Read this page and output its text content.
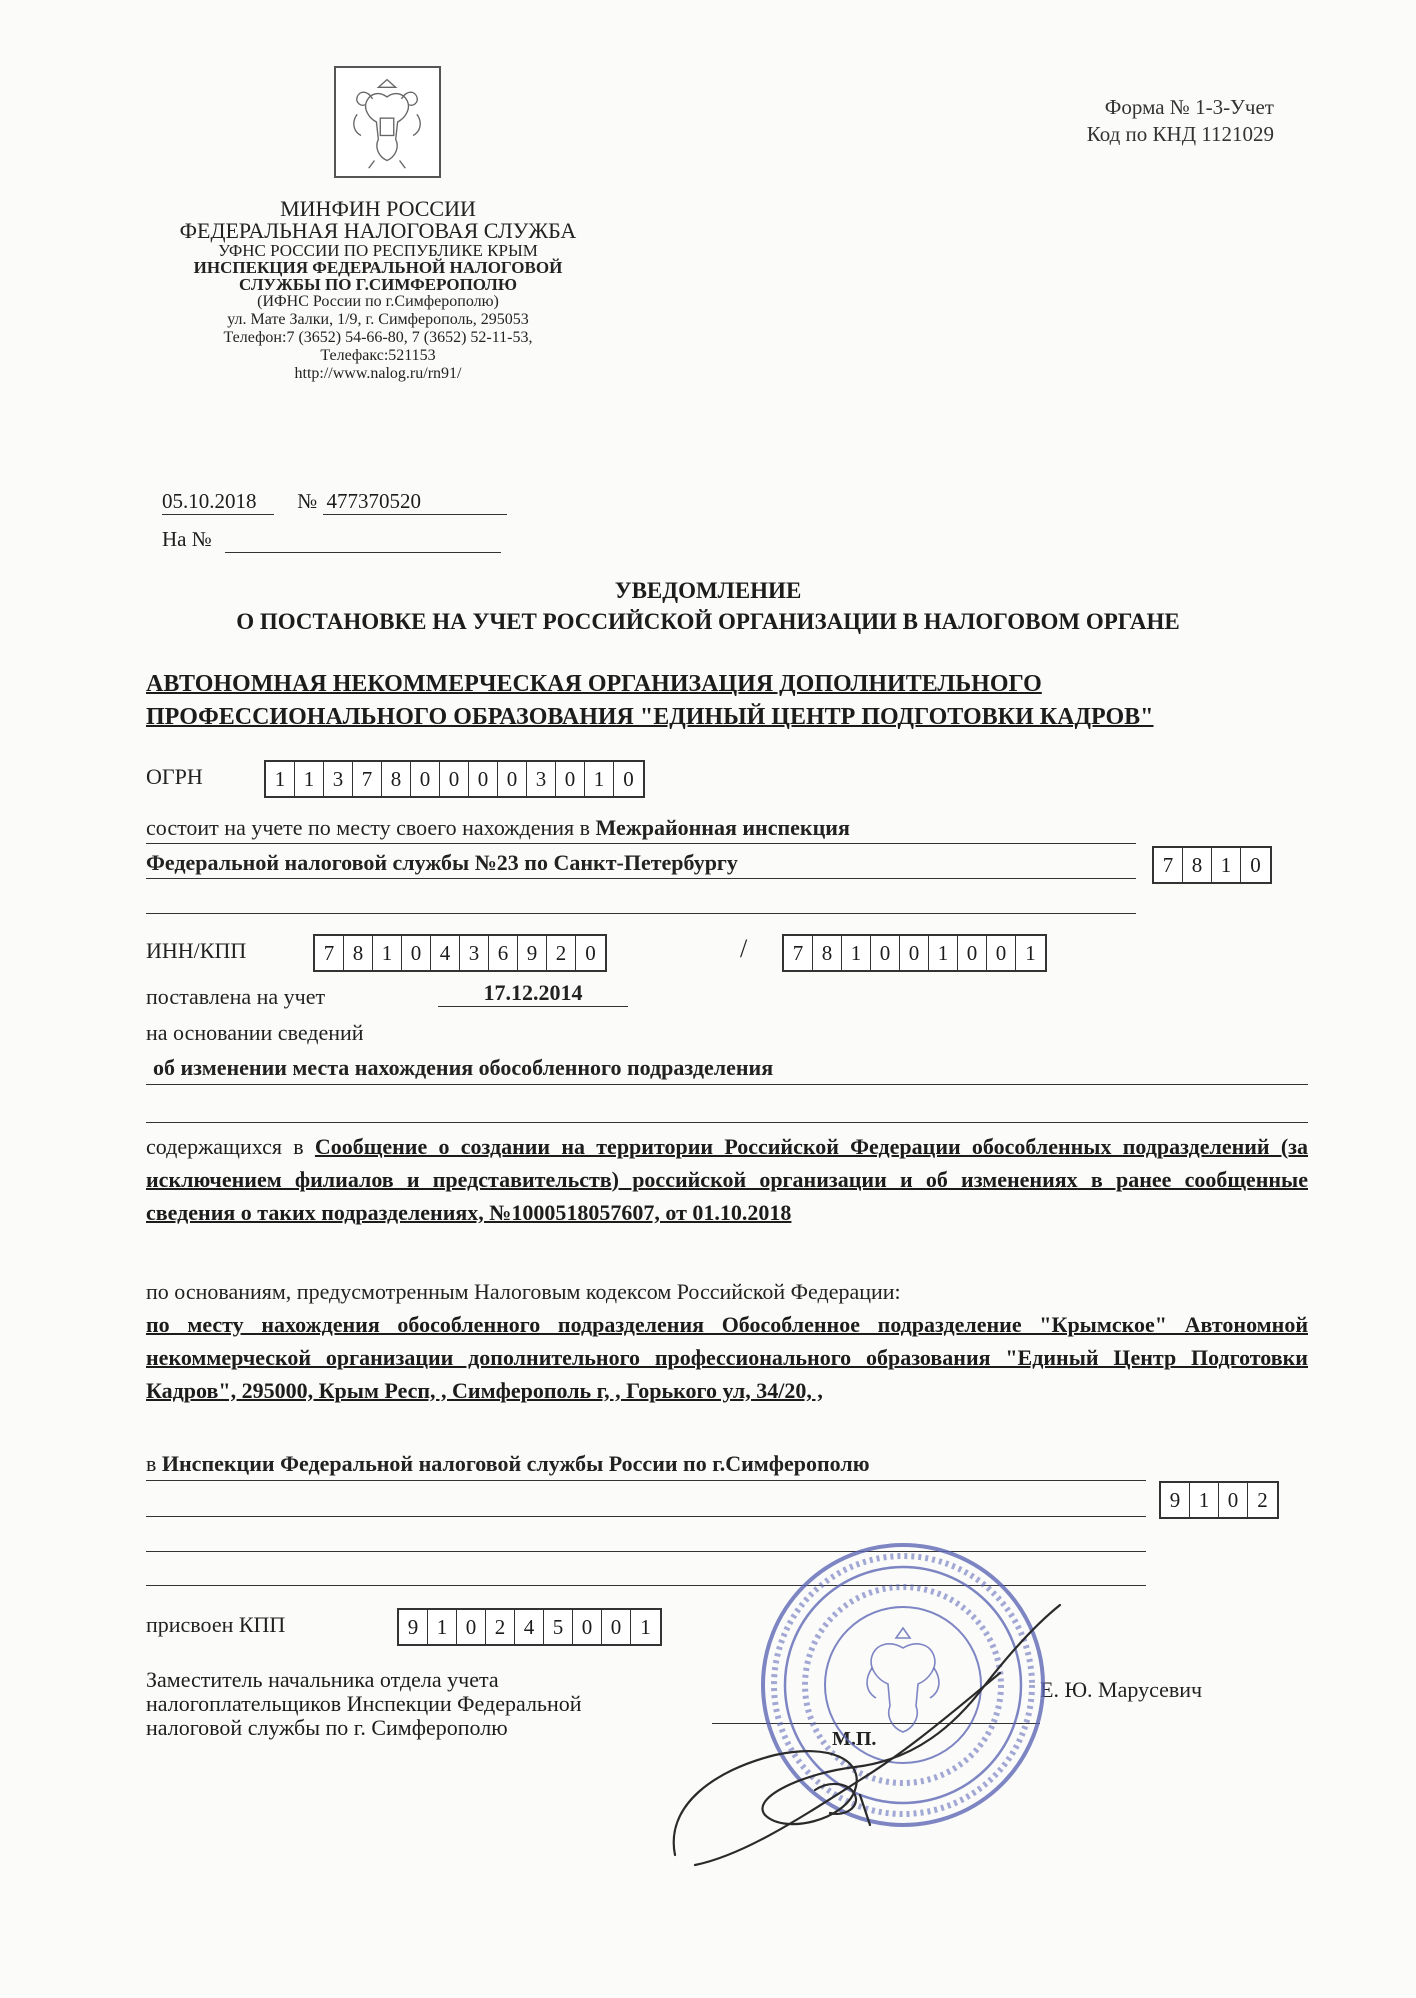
Форма № 1-3-Учет
Код по КНД 1121029
МИНФИН РОССИИ
ФЕДЕРАЛЬНАЯ НАЛОГОВАЯ СЛУЖБА
УФНС РОССИИ ПО РЕСПУБЛИКЕ КРЫМ
ИНСПЕКЦИЯ ФЕДЕРАЛЬНОЙ НАЛОГОВОЙ
СЛУЖБЫ ПО Г.СИМФЕРОПОЛЮ
(ИФНС России по г.Симферополю)
ул. Мате Залки, 1/9, г. Симферополь, 295053
Телефон:7 (3652) 54-66-80, 7 (3652) 52-11-53,
Телефакс:521153
http://www.nalog.ru/rn91/
05.10.2018 № 477370520
На №
УВЕДОМЛЕНИЕ
О ПОСТАНОВКЕ НА УЧЕТ РОССИЙСКОЙ ОРГАНИЗАЦИИ В НАЛОГОВОМ ОРГАНЕ
АВТОНОМНАЯ НЕКОММЕРЧЕСКАЯ ОРГАНИЗАЦИЯ ДОПОЛНИТЕЛЬНОГО
ПРОФЕССИОНАЛЬНОГО ОБРАЗОВАНИЯ "ЕДИНЫЙ ЦЕНТР ПОДГОТОВКИ КАДРОВ"
ОГРН	1 1 3 7 8 0 0 0 0 3 0 1 0
состоит на учете по месту своего нахождения в Межрайонная инспекция
Федеральной налоговой службы №23 по Санкт-Петербургу	7 8 1 0
ИНН/КПП	7 8 1 0 4 3 6 9 2 0	/	7 8 1 0 0 1 0 0 1
поставлена на учет	17.12.2014
на основании сведений
об изменении места нахождения обособленного подразделения
содержащихся в Сообщение о создании на территории Российской Федерации обособленных подразделений (за исключением филиалов и представительств) российской организации и об изменениях в ранее сообщенные сведения о таких подразделениях, №1000518057607, от 01.10.2018
по основаниям, предусмотренным Налоговым кодексом Российской Федерации:
по месту нахождения обособленного подразделения Обособленное подразделение "Крымское" Автономной некоммерческой организации дополнительного профессионального образования "Единый Центр Подготовки Кадров", 295000, Крым Респ, , Симферополь г, , Горького ул, 34/20, ,
в Инспекции Федеральной налоговой службы России по г.Симферополю
9 1 0 2
присвоен КПП	9 1 0 2 4 5 0 0 1
Заместитель начальника отдела учета
налогоплательщиков Инспекции Федеральной
налоговой службы по г. Симферополю
Е. Ю. Марусевич
М.П.
